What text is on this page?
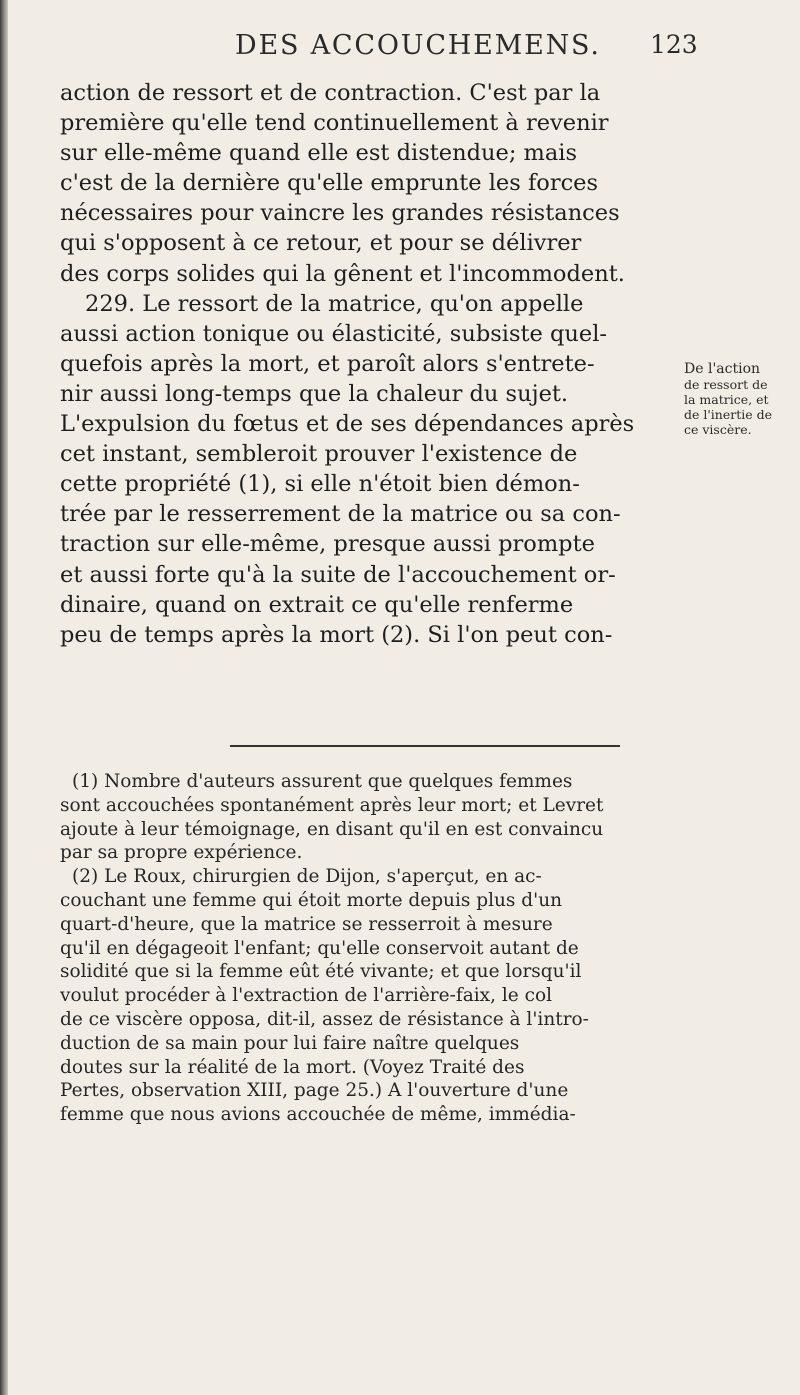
DES ACCOUCHEMENS. 123
action de ressort et de contraction. C'est par la
première qu'elle tend continuellement à revenir
sur elle-même quand elle est distendue; mais
c'est de la dernière qu'elle emprunte les forces
nécessaires pour vaincre les grandes résistances
qui s'opposent à ce retour, et pour se délivrer
des corps solides qui la gênent et l'incommodent.
229. Le ressort de la matrice, qu'on appelle
aussi action tonique ou élasticité, subsiste quel-
quefois après la mort, et paroît alors s'entrete-
nir aussi long-temps que la chaleur du sujet.
L'expulsion du fœtus et de ses dépendances après
cet instant, sembleroit prouver l'existence de
cette propriété (1), si elle n'étoit bien démon-
trée par le resserrement de la matrice ou sa con-
traction sur elle-même, presque aussi prompte
et aussi forte qu'à la suite de l'accouchement or-
dinaire, quand on extrait ce qu'elle renferme
peu de temps après la mort (2). Si l'on peut con-
De l'action
de ressort de
la matrice, et
de l'inertie de
ce viscère.
(1) Nombre d'auteurs assurent que quelques femmes
sont accouchées spontanément après leur mort; et Levret
ajoute à leur témoignage, en disant qu'il en est convaincu
par sa propre expérience.
(2) Le Roux, chirurgien de Dijon, s'aperçut, en ac-
couchant une femme qui étoit morte depuis plus d'un
quart-d'heure, que la matrice se resserroit à mesure
qu'il en dégageoit l'enfant; qu'elle conservoit autant de
solidité que si la femme eût été vivante; et que lorsqu'il
voulut procéder à l'extraction de l'arrière-faix, le col
de ce viscère opposa, dit-il, assez de résistance à l'intro-
duction de sa main pour lui faire naître quelques
doutes sur la réalité de la mort. (Voyez Traité des
Pertes, observation XIII, page 25.) A l'ouverture d'une
femme que nous avions accouchée de même, immédia-
